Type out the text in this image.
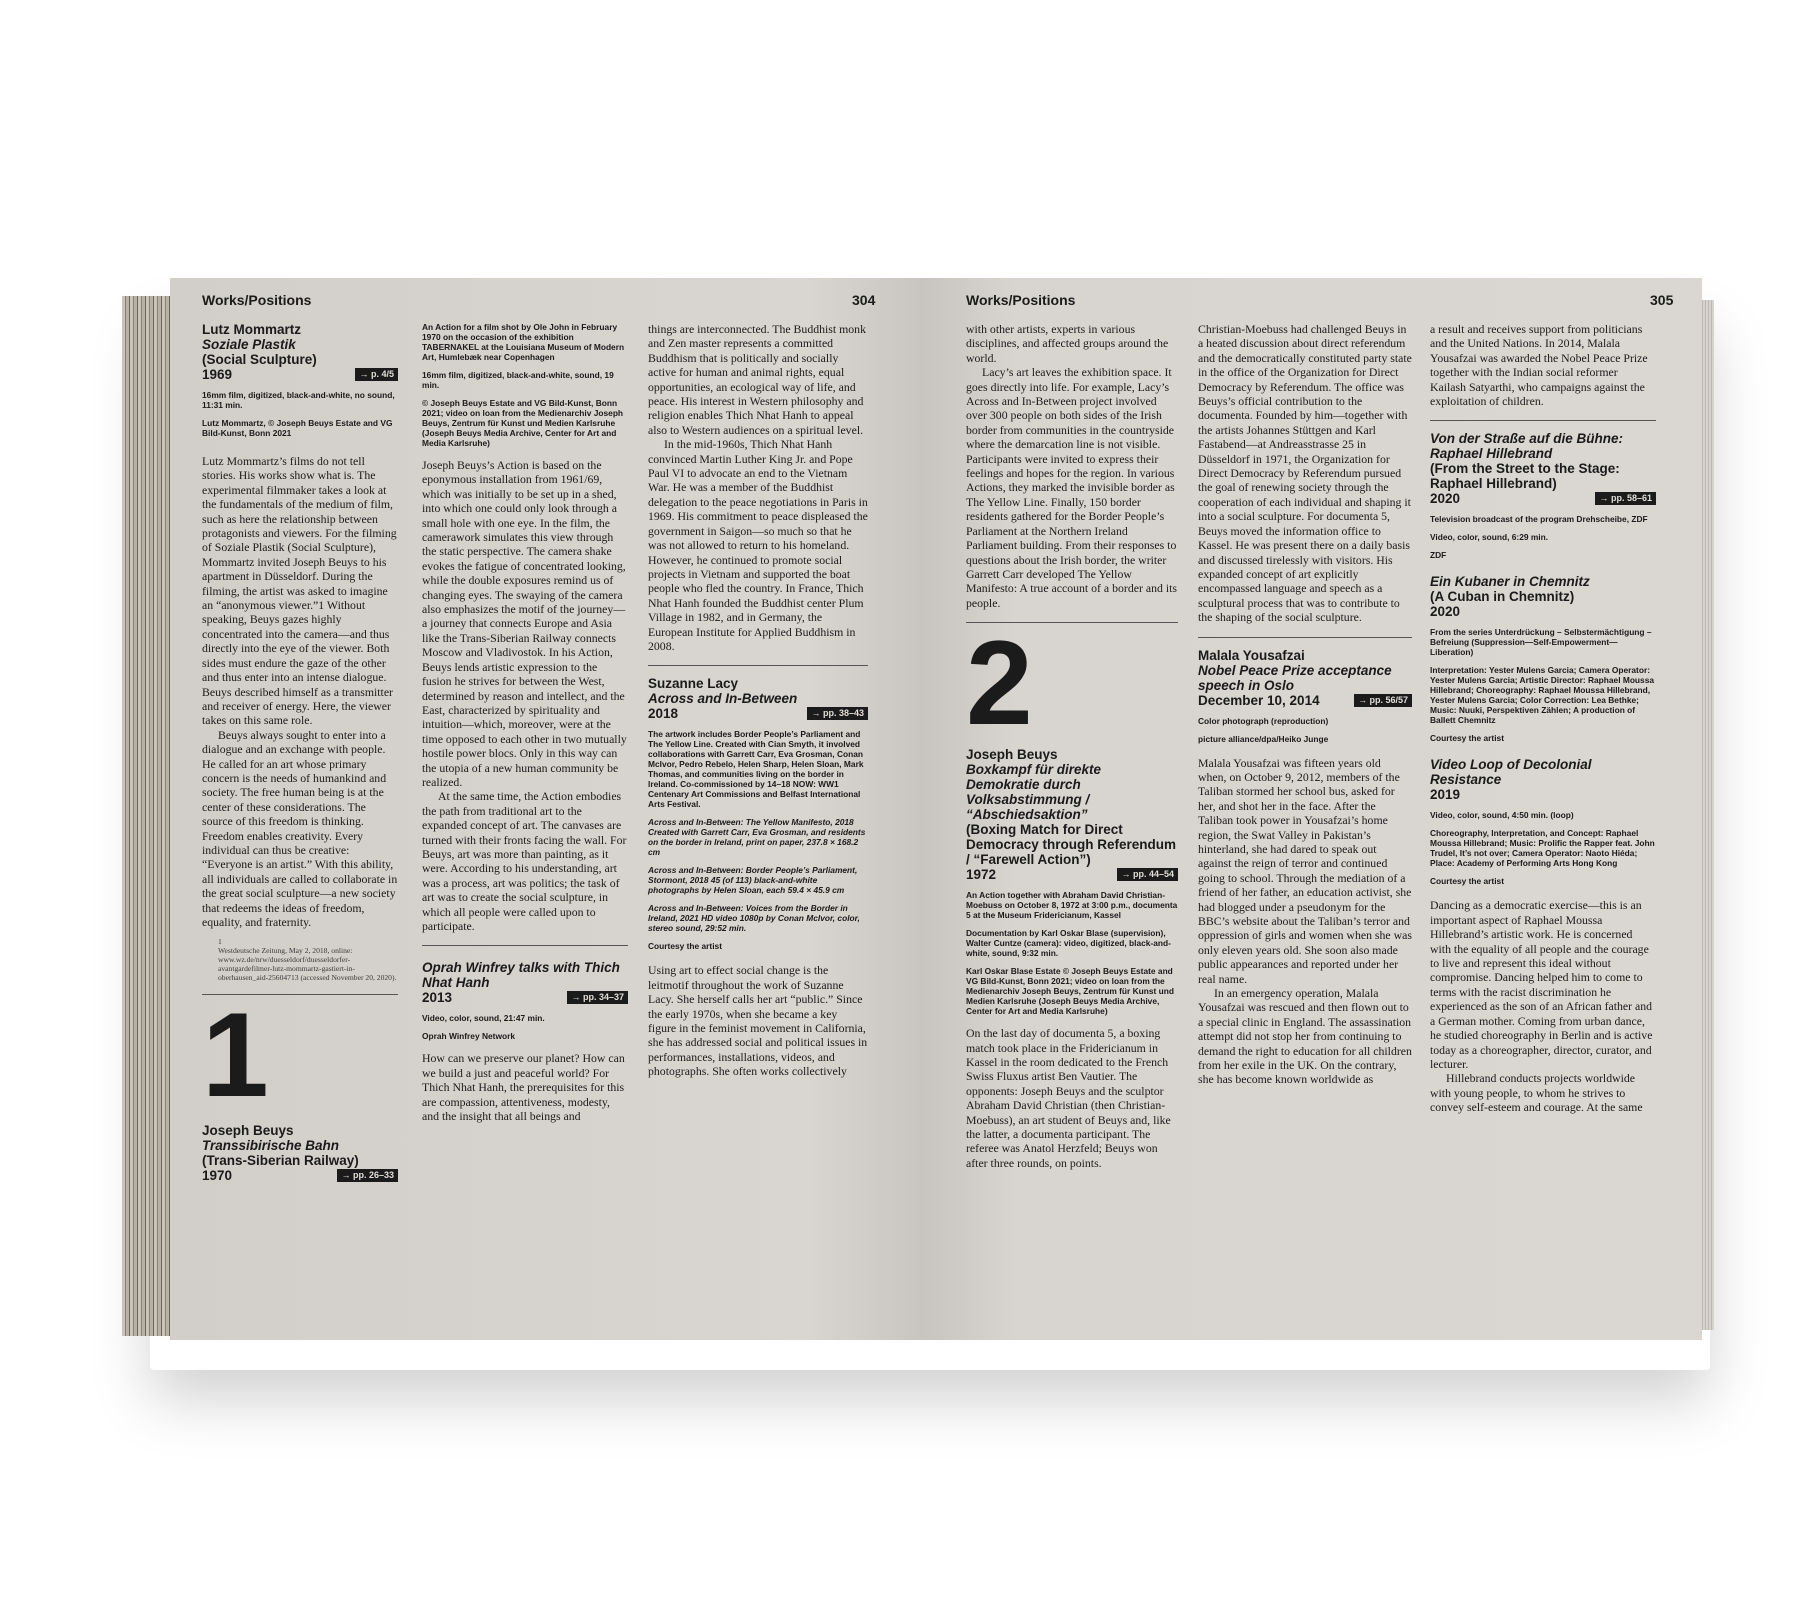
Works/Positions	304
Lutz Mommartz
Soziale Plastik
(Social Sculpture)
1969	→ p. 4/5
16mm film, digitized, black-and-white, no sound, 11:31 min.
Lutz Mommartz, © Joseph Beuys Estate and VG Bild-Kunst, Bonn 2021

Lutz Mommartz’s films do not tell stories. His works show what is. The experimental filmmaker takes a look at the fundamentals of the medium of film, such as here the relationship between protagonists and viewers. For the filming of Soziale Plastik (Social Sculpture), Mommartz invited Joseph Beuys to his apartment in Düsseldorf. During the filming, the artist was asked to imagine an “anonymous viewer.”1 Without speaking, Beuys gazes highly concentrated into the camera—and thus directly into the eye of the viewer. Both sides must endure the gaze of the other and thus enter into an intense dialogue. Beuys described himself as a transmitter and receiver of energy. Here, the viewer takes on this same role.

Beuys always sought to enter into a dialogue and an exchange with people. He called for an art whose primary concern is the needs of humankind and society. The free human being is at the center of these considerations. The source of this freedom is thinking. Freedom enables creativity. Every individual can thus be creative: “Everyone is an artist.” With this ability, all individuals are called to collaborate in the great social sculpture—a new society that redeems the ideas of freedom, equality, and fraternity.

1
Westdeutsche Zeitung, May 2, 2018, online: www.wz.de/nrw/duesseldorf/duesseldorfer-avantgardefilmer-lutz-mommartz-gastiert-in-oberhausen_aid-25604713 (accessed November 20, 2020).
1
Joseph Beuys
Transsibirische Bahn
(Trans-Siberian Railway)
1970	→ pp. 26–33
An Action for a film shot by Ole John in February 1970 on the occasion of the exhibition TABERNAKEL at the Louisiana Museum of Modern Art, Humlebæk near Copenhagen
16mm film, digitized, black-and-white, sound, 19 min.
© Joseph Beuys Estate and VG Bild-Kunst, Bonn 2021; video on loan from the Medienarchiv Joseph Beuys, Zentrum für Kunst und Medien Karlsruhe (Joseph Beuys Media Archive, Center for Art and Media Karlsruhe)

Joseph Beuys’s Action is based on the eponymous installation from 1961/69, which was initially to be set up in a shed, into which one could only look through a small hole with one eye. In the film, the camerawork simulates this view through the static perspective. The camera shake evokes the fatigue of concentrated looking, while the double exposures remind us of changing eyes. The swaying of the camera also emphasizes the motif of the journey—a journey that connects Europe and Asia like the Trans-Siberian Railway connects Moscow and Vladivostok. In his Action, Beuys lends artistic expression to the fusion he strives for between the West, determined by reason and intellect, and the East, characterized by spirituality and intuition—which, moreover, were at the time opposed to each other in two mutually hostile power blocs. Only in this way can the utopia of a new human community be realized.

At the same time, the Action embodies the path from traditional art to the expanded concept of art. The canvases are turned with their fronts facing the wall. For Beuys, art was more than painting, as it were. According to his understanding, art was a process, art was politics; the task of art was to create the social sculpture, in which all people were called upon to participate.

Oprah Winfrey talks with Thich Nhat Hanh
2013	→ pp. 34–37
Video, color, sound, 21:47 min.
Oprah Winfrey Network

How can we preserve our planet? How can we build a just and peaceful world? For Thich Nhat Hanh, the prerequisites for this are compassion, attentiveness, modesty, and the insight that all beings and

things are interconnected. The Buddhist monk and Zen master represents a committed Buddhism that is politically and socially active for human and animal rights, equal opportunities, an ecological way of life, and peace. His interest in Western philosophy and religion enables Thich Nhat Hanh to appeal also to Western audiences on a spiritual level.

In the mid-1960s, Thich Nhat Hanh convinced Martin Luther King Jr. and Pope Paul VI to advocate an end to the Vietnam War. He was a member of the Buddhist delegation to the peace negotiations in Paris in 1969. His commitment to peace displeased the government in Saigon—so much so that he was not allowed to return to his homeland. However, he continued to promote social projects in Vietnam and supported the boat people who fled the country. In France, Thich Nhat Hanh founded the Buddhist center Plum Village in 1982, and in Germany, the European Institute for Applied Buddhism in 2008.

Suzanne Lacy
Across and In-Between
2018	→ pp. 38–43
The artwork includes Border People’s Parliament and The Yellow Line. Created with Cian Smyth, it involved collaborations with Garrett Carr, Eva Grosman, Conan McIvor, Pedro Rebelo, Helen Sharp, Helen Sloan, Mark Thomas, and communities living on the border in Ireland. Co-commissioned by 14–18 NOW: WW1 Centenary Art Commissions and Belfast International Arts Festival.
Across and In-Between: The Yellow Manifesto, 2018 Created with Garrett Carr, Eva Grosman, and residents on the border in Ireland, print on paper, 237.8 × 168.2 cm
Across and In-Between: Border People’s Parliament, Stormont, 2018 45 (of 113) black-and-white photographs by Helen Sloan, each 59.4 × 45.9 cm
Across and In-Between: Voices from the Border in Ireland, 2021 HD video 1080p by Conan McIvor, color, stereo sound, 29:52 min.
Courtesy the artist

Using art to effect social change is the leitmotif throughout the work of Suzanne Lacy. She herself calls her art “public.” Since the early 1970s, when she became a key figure in the feminist movement in California, she has addressed social and political issues in performances, installations, videos, and photographs. She often works collectively

Works/Positions	305

with other artists, experts in various disciplines, and affected groups around the world.

Lacy’s art leaves the exhibition space. It goes directly into life. For example, Lacy’s Across and In-Between project involved over 300 people on both sides of the Irish border from communities in the countryside where the demarcation line is not visible. Participants were invited to express their feelings and hopes for the region. In various Actions, they marked the invisible border as The Yellow Line. Finally, 150 border residents gathered for the Border People’s Parliament at the Northern Ireland Parliament building. From their responses to questions about the Irish border, the writer Garrett Carr developed The Yellow Manifesto: A true account of a border and its people.

2
Joseph Beuys
Boxkampf für direkte Demokratie durch Volksabstimmung / “Abschiedsaktion”
(Boxing Match for Direct Democracy through Referendum / “Farewell Action”)
1972	→ pp. 44–54
An Action together with Abraham David Christian-Moebuss on October 8, 1972 at 3:00 p.m., documenta 5 at the Museum Fridericianum, Kassel
Documentation by Karl Oskar Blase (supervision), Walter Cuntze (camera): video, digitized, black-and-white, sound, 9:32 min.
Karl Oskar Blase Estate © Joseph Beuys Estate and VG Bild-Kunst, Bonn 2021; video on loan from the Medienarchiv Joseph Beuys, Zentrum für Kunst und Medien Karlsruhe (Joseph Beuys Media Archive, Center for Art and Media Karlsruhe)

On the last day of documenta 5, a boxing match took place in the Fridericianum in Kassel in the room dedicated to the French Swiss Fluxus artist Ben Vautier. The opponents: Joseph Beuys and the sculptor Abraham David Christian (then Christian-Moebuss), an art student of Beuys and, like the latter, a documenta participant. The referee was Anatol Herzfeld; Beuys won after three rounds, on points.

Christian-Moebuss had challenged Beuys in a heated discussion about direct referendum and the democratically constituted party state in the office of the Organization for Direct Democracy by Referendum. The office was Beuys’s official contribution to the documenta. Founded by him—together with the artists Johannes Stüttgen and Karl Fastabend—at Andreasstrasse 25 in Düsseldorf in 1971, the Organization for Direct Democracy by Referendum pursued the goal of renewing society through the cooperation of each individual and shaping it into a social sculpture. For documenta 5, Beuys moved the information office to Kassel. He was present there on a daily basis and discussed tirelessly with visitors. His expanded concept of art explicitly encompassed language and speech as a sculptural process that was to contribute to the shaping of the social sculpture.

Malala Yousafzai
Nobel Peace Prize acceptance speech in Oslo
December 10, 2014	→ pp. 56/57
Color photograph (reproduction)
picture alliance/dpa/Heiko Junge

Malala Yousafzai was fifteen years old when, on October 9, 2012, members of the Taliban stormed her school bus, asked for her, and shot her in the face. After the Taliban took power in Yousafzai’s home region, the Swat Valley in Pakistan’s hinterland, she had dared to speak out against the reign of terror and continued going to school. Through the mediation of a friend of her father, an education activist, she had blogged under a pseudonym for the BBC’s website about the Taliban’s terror and oppression of girls and women when she was only eleven years old. She soon also made public appearances and reported under her real name.

In an emergency operation, Malala Yousafzai was rescued and then flown out to a special clinic in England. The assassination attempt did not stop her from continuing to demand the right to education for all children from her exile in the UK. On the contrary, she has become known worldwide as

a result and receives support from politicians and the United Nations. In 2014, Malala Yousafzai was awarded the Nobel Peace Prize together with the Indian social reformer Kailash Satyarthi, who campaigns against the exploitation of children.

Von der Straße auf die Bühne: Raphael Hillebrand
(From the Street to the Stage: Raphael Hillebrand)
2020	→ pp. 58–61
Television broadcast of the program Drehscheibe, ZDF
Video, color, sound, 6:29 min.
ZDF
Ein Kubaner in Chemnitz
(A Cuban in Chemnitz)
2020
From the series Unterdrückung – Selbstermächtigung – Befreiung (Suppression—Self-Empowerment—Liberation)
Interpretation: Yester Mulens Garcia; Camera Operator: Yester Mulens Garcia; Artistic Director: Raphael Moussa Hillebrand; Choreography: Raphael Moussa Hillebrand, Yester Mulens Garcia; Color Correction: Lea Bethke; Music: Nuuki, Perspektiven Zählen; A production of Ballett Chemnitz
Courtesy the artist
Video Loop of Decolonial Resistance
2019
Video, color, sound, 4:50 min. (loop)
Choreography, Interpretation, and Concept: Raphael Moussa Hillebrand; Music: Prolific the Rapper feat. John Trudel, It’s not over; Camera Operator: Naoto Hiéda; Place: Academy of Performing Arts Hong Kong
Courtesy the artist

Dancing as a democratic exercise—this is an important aspect of Raphael Moussa Hillebrand’s artistic work. He is concerned with the equality of all people and the courage to live and represent this ideal without compromise. Dancing helped him to come to terms with the racist discrimination he experienced as the son of an African father and a German mother. Coming from urban dance, he studied choreography in Berlin and is active today as a choreographer, director, curator, and lecturer.

Hillebrand conducts projects worldwide with young people, to whom he strives to convey self-esteem and courage. At the same
